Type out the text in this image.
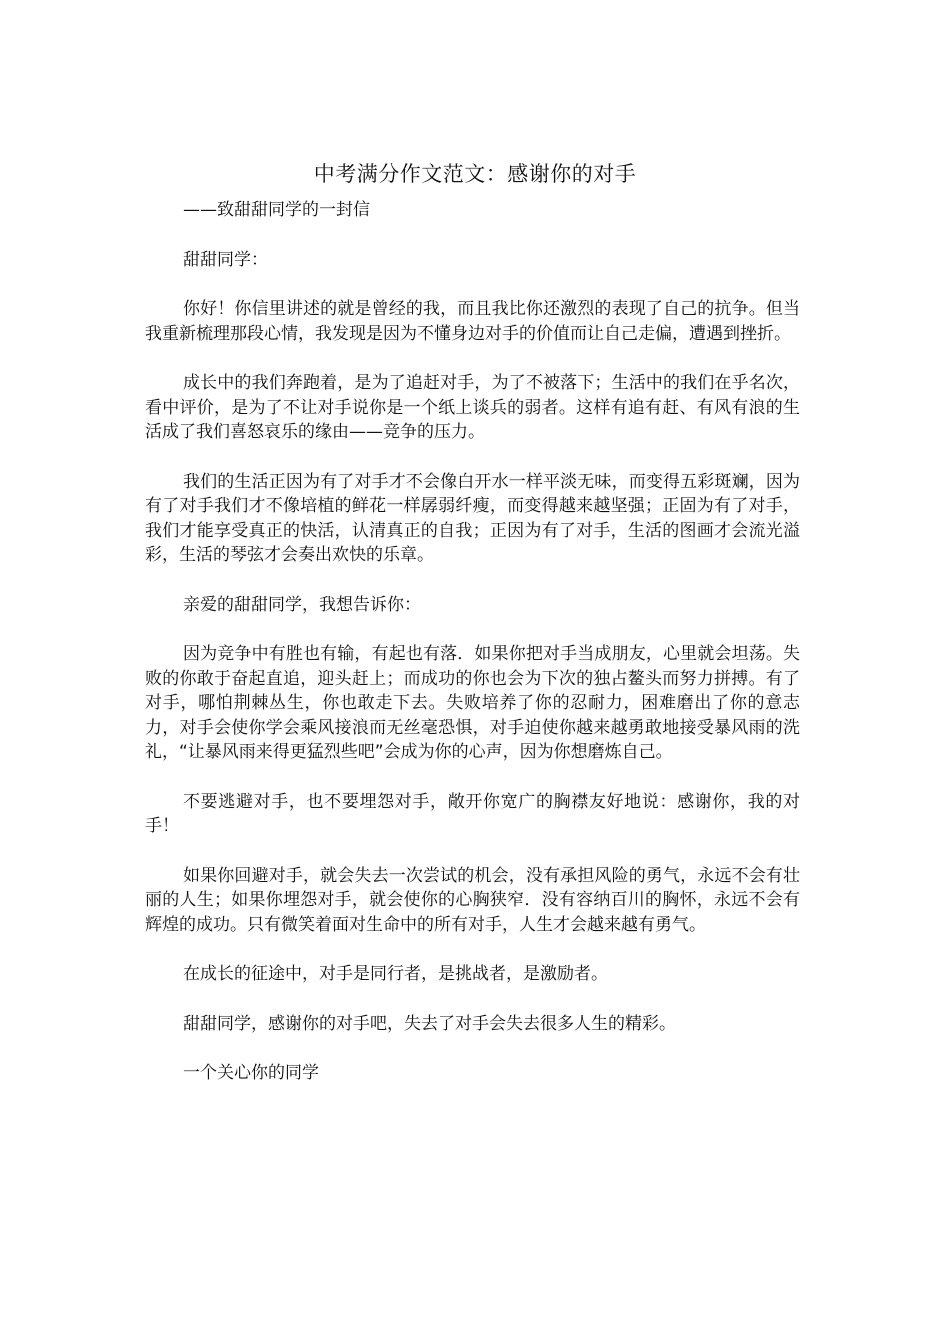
中考满分作文范文：感谢你的对手

——致甜甜同学的一封信

甜甜同学：

你好！你信里讲述的就是曾经的我，而且我比你还激烈的表现了自己的抗争。但当我重新梳理那段心情，我发现是因为不懂身边对手的价值而让自己走偏，遭遇到挫折。

成长中的我们奔跑着，是为了追赶对手，为了不被落下；生活中的我们在乎名次，看中评价，是为了不让对手说你是一个纸上谈兵的弱者。这样有追有赶、有风有浪的生活成了我们喜怒哀乐的缘由——竞争的压力。

我们的生活正因为有了对手才不会像白开水一样平淡无味，而变得五彩斑斓，因为有了对手我们才不像培植的鲜花一样孱弱纤瘦，而变得越来越坚强；正固为有了对手，我们才能享受真正的快活，认清真正的自我；正因为有了对手，生活的图画才会流光溢彩，生活的琴弦才会奏出欢快的乐章。

亲爱的甜甜同学，我想告诉你：

因为竞争中有胜也有输，有起也有落．如果你把对手当成朋友，心里就会坦荡。失败的你敢于奋起直追，迎头赶上；而成功的你也会为下次的独占鳌头而努力拼搏。有了对手，哪怕荆棘丛生，你也敢走下去。失败培养了你的忍耐力，困难磨出了你的意志力，对手会使你学会乘风接浪而无丝毫恐惧，对手迫使你越来越勇敢地接受暴风雨的洗礼，“让暴风雨来得更猛烈些吧”会成为你的心声，因为你想磨炼自己。

不要逃避对手，也不要埋怨对手，敞开你宽广的胸襟友好地说：感谢你，我的对手！

如果你回避对手，就会失去一次尝试的机会，没有承担风险的勇气，永远不会有壮丽的人生；如果你埋怨对手，就会使你的心胸狭窄．没有容纳百川的胸怀，永远不会有辉煌的成功。只有微笑着面对生命中的所有对手，人生才会越来越有勇气。

在成长的征途中，对手是同行者，是挑战者，是激励者。

甜甜同学，感谢你的对手吧，失去了对手会失去很多人生的精彩。

一个关心你的同学
